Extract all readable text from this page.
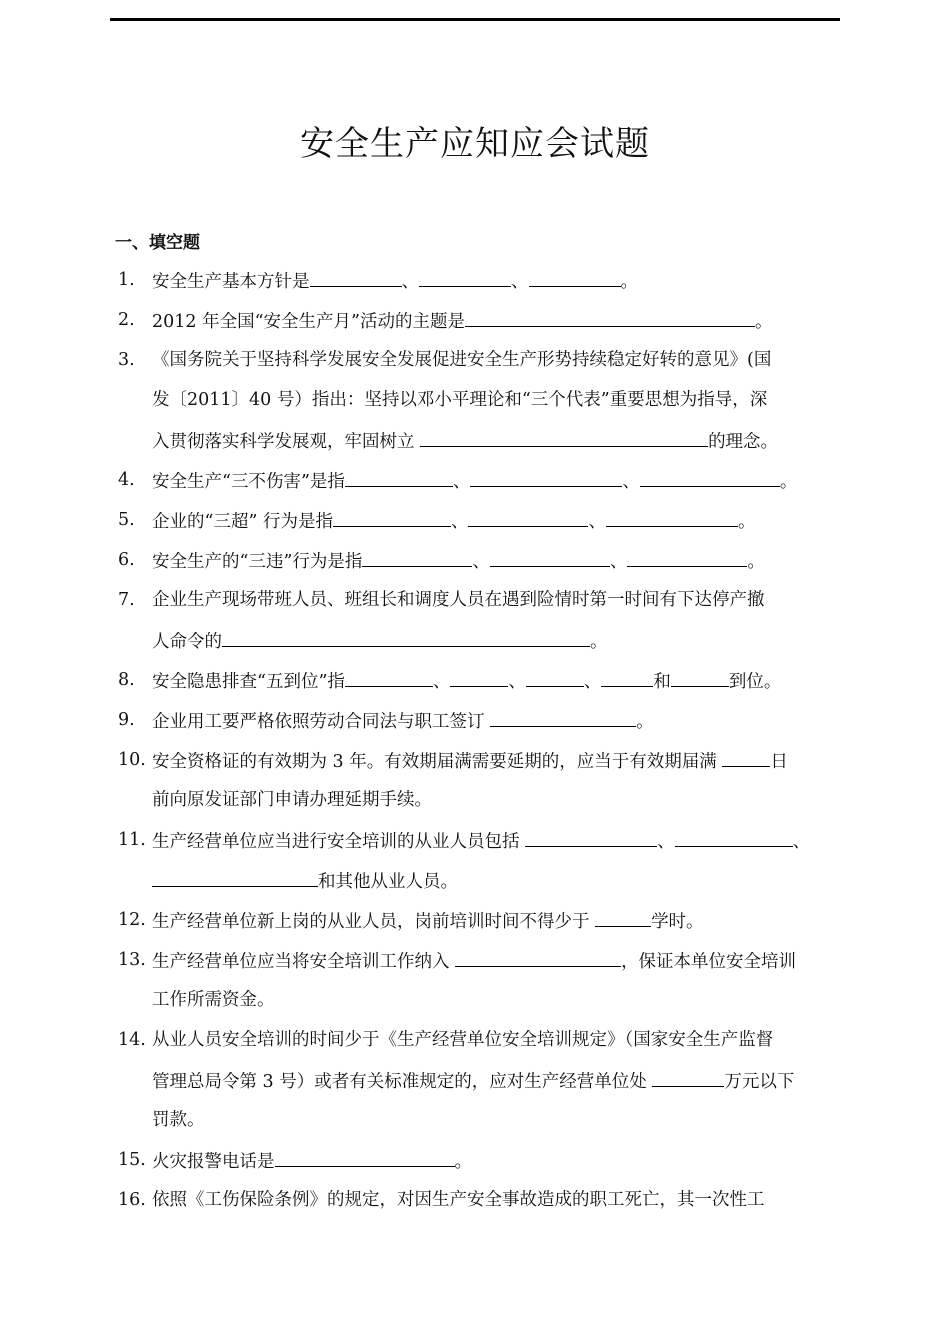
安全生产应知应会试题
一、填空题
1. 安全生产基本方针是	、	、	。
2. 2012 年全国“安全生产月”活动的主题是	。
3. 《国务院关于坚持科学发展安全发展促进安全生产形势持续稳定好转的意见》(国
发〔2011〕40 号）指出：坚持以邓小平理论和“三个代表”重要思想为指导，深
入贯彻落实科学发展观，牢固树立	的理念。
4. 安全生产“三不伤害”是指	、	、	。
5. 企业的“三超” 行为是指	、	、	。
6. 安全生产的“三违”行为是指	、	、	。
7. 企业生产现场带班人员、班组长和调度人员在遇到险情时第一时间有下达停产撤
人命令的	。
8. 安全隐患排查“五到位”指	、	、	、	和	到位。
9. 企业用工要严格依照劳动合同法与职工签订	。
10. 安全资格证的有效期为 3 年。有效期届满需要延期的，应当于有效期届满	日
前向原发证部门申请办理延期手续。
11. 生产经营单位应当进行安全培训的从业人员包括	、	、
和其他从业人员。
12. 生产经营单位新上岗的从业人员，岗前培训时间不得少于	学时。
13. 生产经营单位应当将安全培训工作纳入	，保证本单位安全培训
工作所需资金。
14. 从业人员安全培训的时间少于《生产经营单位安全培训规定》（国家安全生产监督
管理总局令第 3 号）或者有关标准规定的，应对生产经营单位处	万元以下
罚款。
15. 火灾报警电话是	。
16. 依照《工伤保险条例》的规定，对因生产安全事故造成的职工死亡，其一次性工
